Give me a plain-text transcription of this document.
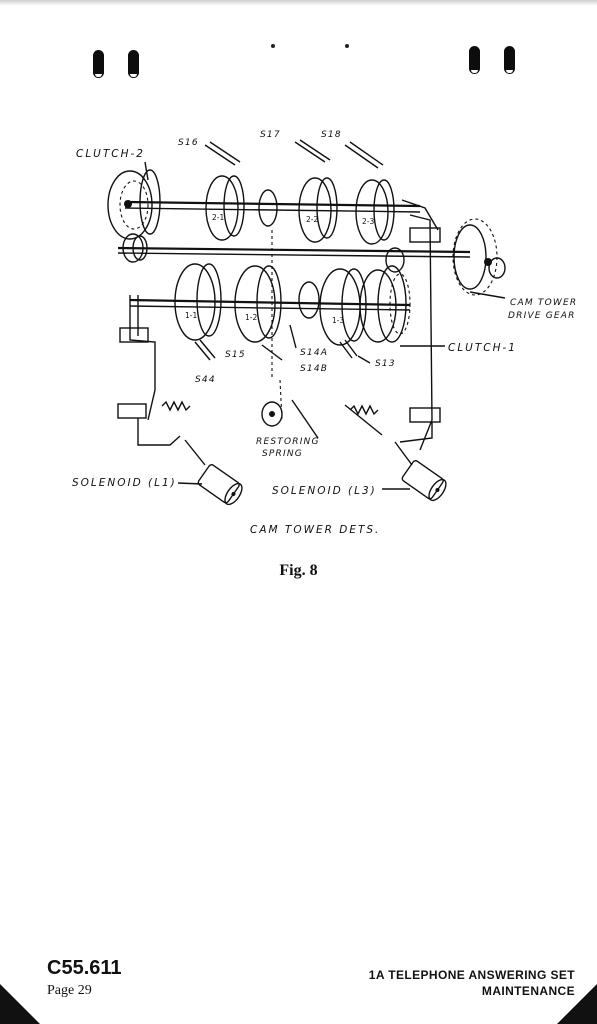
2-1	2-2	2-3
1-1	1-2	1-3
CLUTCH-2
S16
S17	S18
CAM TOWER
DRIVE GEAR
CLUTCH-1
S15
S44
S14A
S14B	S13
RESTORING
SPRING
SOLENOID (L1)
SOLENOID (L3)
CAM TOWER DETS.
Fig. 8
C55.611
Page 29
1A TELEPHONE ANSWERING SET
MAINTENANCE
